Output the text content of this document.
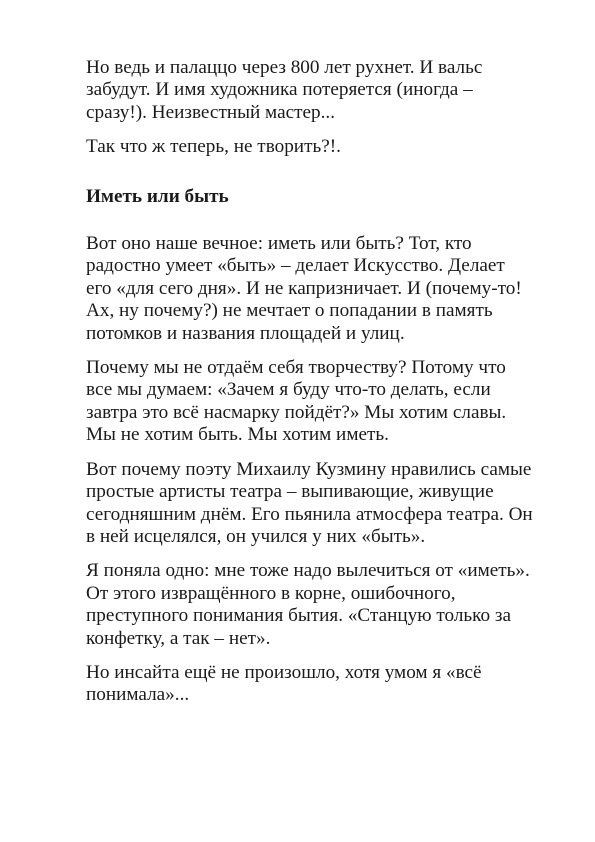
Но ведь и палаццо через 800 лет рухнет. И вальс
забудут. И имя художника потеряется (иногда –
сразу!). Неизвестный мастер...

Так что ж теперь, не творить?!.

Иметь или быть

Вот оно наше вечное: иметь или быть? Тот, кто
радостно умеет «быть» – делает Искусство. Делает
его «для сего дня». И не капризничает. И (почему-то!
Ах, ну почему?) не мечтает о попадании в память
потомков и названия площадей и улиц.

Почему мы не отдаём себя творчеству? Потому что
все мы думаем: «Зачем я буду что-то делать, если
завтра это всё насмарку пойдёт?» Мы хотим славы.
Мы не хотим быть. Мы хотим иметь.

Вот почему поэту Михаилу Кузмину нравились самые
простые артисты театра – выпивающие, живущие
сегодняшним днём. Его пьянила атмосфера театра. Он
в ней исцелялся, он учился у них «быть».

Я поняла одно: мне тоже надо вылечиться от «иметь».
От этого извращённого в корне, ошибочного,
преступного понимания бытия. «Станцую только за
конфетку, а так – нет».

Но инсайта ещё не произошло, хотя умом я «всё
понимала»...
